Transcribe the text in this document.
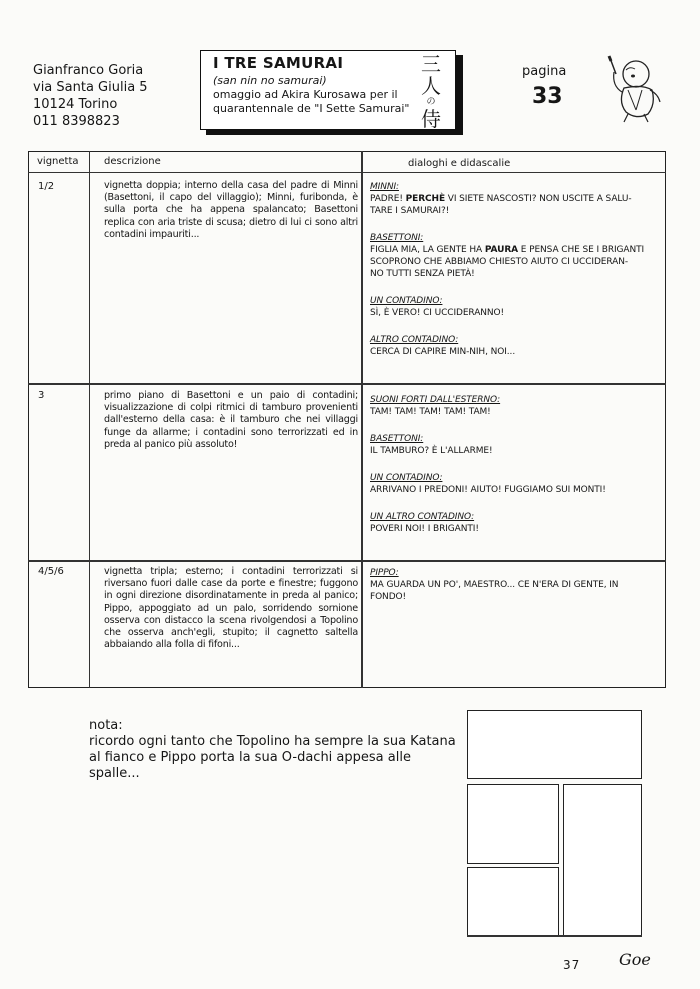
Gianfranco Goria
via Santa Giulia 5
10124 Torino
011 8398823
I TRE SAMURAI
(san nin no samurai)
omaggio ad Akira Kurosawa per il
quarantennale de "I Sette Samurai"
三
人
の
侍
pagina
33
vignetta	descrizione	dialoghi e didascalie
1/2	vignetta doppia; interno della casa del padre di Minni (Basettoni, il capo del villaggio); Minni, furibonda, è sulla porta che ha appena spalancato; Basettoni replica con aria triste di scusa; dietro di lui ci sono altri contadini impauriti...
MINNI:
PADRE! PERCHÈ VI SIETE NASCOSTI? NON USCITE A SALU-
TARE I SAMURAI?!
BASETTONI:
FIGLIA MIA, LA GENTE HA PAURA E PENSA CHE SE I BRIGANTI
SCOPRONO CHE ABBIAMO CHIESTO AIUTO CI UCCIDERAN-
NO TUTTI SENZA PIETÀ!
UN CONTADINO:
SÌ, È VERO! CI UCCIDERANNO!
ALTRO CONTADINO:
CERCA DI CAPIRE MIN-NIH, NOI...
3	primo piano di Basettoni e un paio di contadini; visualizzazione di colpi ritmici di tamburo provenienti dall'esterno della casa: è il tamburo che nei villaggi funge da allarme; i contadini sono terrorizzati ed in preda al panico più assoluto!
SUONI FORTI DALL'ESTERNO:
TAM! TAM! TAM! TAM! TAM!
BASETTONI:
IL TAMBURO? È L'ALLARME!
UN CONTADINO:
ARRIVANO I PREDONI! AIUTO! FUGGIAMO SUI MONTI!
UN ALTRO CONTADINO:
POVERI NOI! I BRIGANTI!
4/5/6	vignetta tripla; esterno; i contadini terrorizzati si riversano fuori dalle case da porte e finestre; fuggono in ogni direzione disordinatamente in preda al panico; Pippo, appoggiato ad un palo, sorridendo sornione osserva con distacco la scena rivolgendosi a Topolino che osserva anch'egli, stupito; il cagnetto saltella abbaiando alla folla di fifoni...
PIPPO:
MA GUARDA UN PO', MAESTRO... CE N'ERA DI GENTE, IN
FONDO!
nota:
ricordo ogni tanto che Topolino ha sempre la sua Katana
al fianco e Pippo porta la sua O-dachi appesa alle spalle...
37 Goe
